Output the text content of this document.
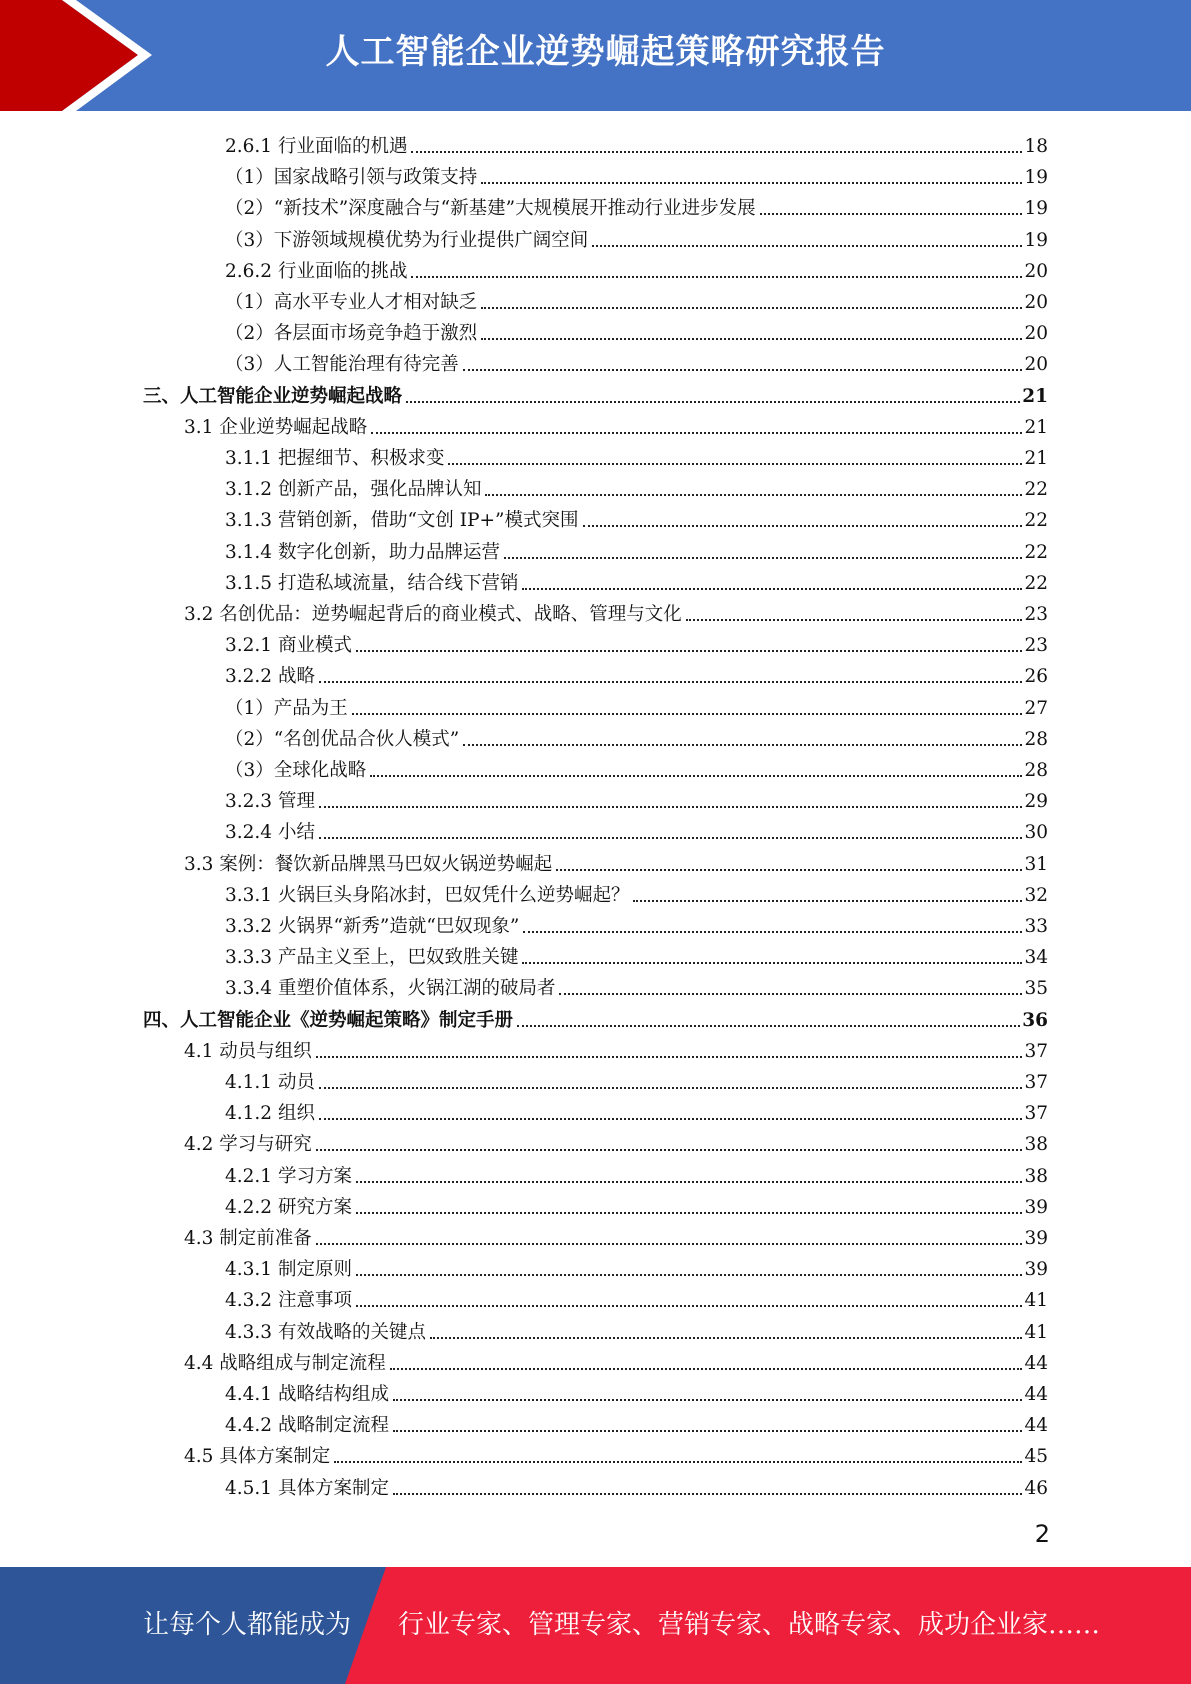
人工智能企业逆势崛起策略研究报告
2.6.1 行业面临的机遇	18
（1）国家战略引领与政策支持	19
（2）“新技术”深度融合与“新基建”大规模展开推动行业进步发展	19
（3）下游领域规模优势为行业提供广阔空间	19
2.6.2 行业面临的挑战	20
（1）高水平专业人才相对缺乏	20
（2）各层面市场竞争趋于激烈	20
（3）人工智能治理有待完善	20
三、人工智能企业逆势崛起战略	21
3.1 企业逆势崛起战略	21
3.1.1 把握细节、积极求变	21
3.1.2 创新产品，强化品牌认知	22
3.1.3 营销创新，借助“文创 IP+”模式突围	22
3.1.4 数字化创新，助力品牌运营	22
3.1.5 打造私域流量，结合线下营销	22
3.2 名创优品：逆势崛起背后的商业模式、战略、管理与文化	23
3.2.1 商业模式	23
3.2.2 战略	26
（1）产品为王	27
（2）“名创优品合伙人模式”	28
（3）全球化战略	28
3.2.3 管理	29
3.2.4 小结	30
3.3 案例：餐饮新品牌黑马巴奴火锅逆势崛起	31
3.3.1 火锅巨头身陷冰封，巴奴凭什么逆势崛起？	32
3.3.2 火锅界“新秀”造就“巴奴现象”	33
3.3.3 产品主义至上，巴奴致胜关键	34
3.3.4 重塑价值体系，火锅江湖的破局者	35
四、人工智能企业《逆势崛起策略》制定手册	36
4.1 动员与组织	37
4.1.1 动员	37
4.1.2 组织	37
4.2 学习与研究	38
4.2.1 学习方案	38
4.2.2 研究方案	39
4.3 制定前准备	39
4.3.1 制定原则	39
4.3.2 注意事项	41
4.3.3 有效战略的关键点	41
4.4 战略组成与制定流程	44
4.4.1 战略结构组成	44
4.4.2 战略制定流程	44
4.5 具体方案制定	45
4.5.1 具体方案制定	46
2
让每个人都能成为 行业专家、管理专家、营销专家、战略专家、成功企业家……
